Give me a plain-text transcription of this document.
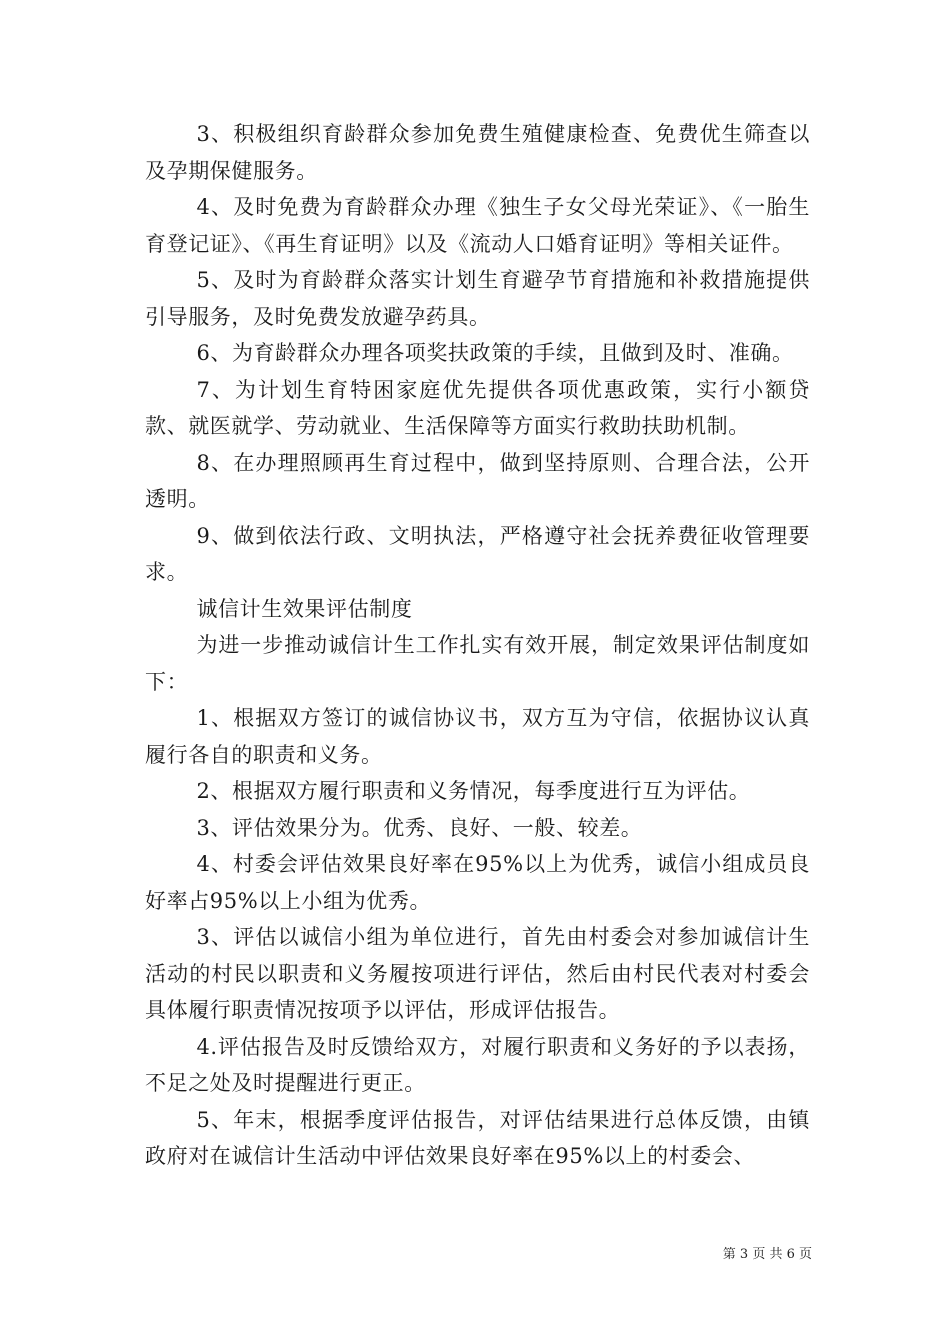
3、积极组织育龄群众参加免费生殖健康检查、免费优生筛查以及孕期保健服务。

4、及时免费为育龄群众办理《独生子女父母光荣证》、《一胎生育登记证》、《再生育证明》以及《流动人口婚育证明》等相关证件。

5、及时为育龄群众落实计划生育避孕节育措施和补救措施提供引导服务，及时免费发放避孕药具。

6、为育龄群众办理各项奖扶政策的手续，且做到及时、准确。

7、为计划生育特困家庭优先提供各项优惠政策，实行小额贷款、就医就学、劳动就业、生活保障等方面实行救助扶助机制。

8、在办理照顾再生育过程中，做到坚持原则、合理合法，公开透明。

9、做到依法行政、文明执法，严格遵守社会抚养费征收管理要求。

诚信计生效果评估制度

为进一步推动诚信计生工作扎实有效开展，制定效果评估制度如下：

1、根据双方签订的诚信协议书，双方互为守信，依据协议认真履行各自的职责和义务。

2、根据双方履行职责和义务情况，每季度进行互为评估。

3、评估效果分为。优秀、良好、一般、较差。

4、村委会评估效果良好率在95%以上为优秀，诚信小组成员良好率占95%以上小组为优秀。

3、评估以诚信小组为单位进行，首先由村委会对参加诚信计生活动的村民以职责和义务履按项进行评估，然后由村民代表对村委会具体履行职责情况按项予以评估，形成评估报告。

4.评估报告及时反馈给双方，对履行职责和义务好的予以表扬，不足之处及时提醒进行更正。

5、年末，根据季度评估报告，对评估结果进行总体反馈，由镇政府对在诚信计生活动中评估效果良好率在95%以上的村委会、

第 3 页 共 6 页
